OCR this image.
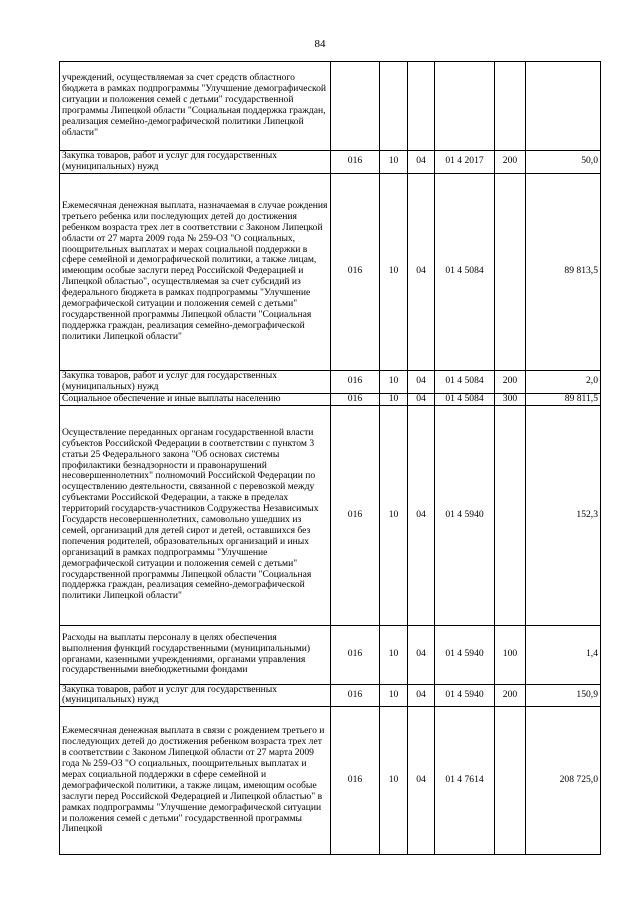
84
учреждений, осуществляемая за счет средств областного бюджета в рамках подпрограммы "Улучшение демографической ситуации и положения семей с детьми" государственной программы Липецкой области "Социальная поддержка граждан, реализация семейно-демографической политики Липецкой области"						
Закупка товаров, работ и услуг для государственных (муниципальных) нужд	016	10	04	01 4 2017	200	50,0
Ежемесячная денежная выплата, назначаемая в случае рождения третьего ребенка или последующих детей до достижения ребенком возраста трех лет в соответствии с Законом Липецкой области от 27 марта 2009 года № 259-ОЗ "О социальных, поощрительных выплатах и мерах социальной поддержки в сфере семейной и демографической политики, а также лицам, имеющим особые заслуги перед Российской Федерацией и Липецкой областью", осуществляемая за счет субсидий из федерального бюджета в рамках подпрограммы "Улучшение демографической ситуации и положения семей с детьми" государственной программы Липецкой области "Социальная поддержка граждан, реализация семейно-демографической политики Липецкой области"	016	10	04	01 4 5084		89 813,5
Закупка товаров, работ и услуг для государственных (муниципальных) нужд	016	10	04	01 4 5084	200	2,0
Социальное обеспечение и иные выплаты населению	016	10	04	01 4 5084	300	89 811,5
Осуществление переданных органам государственной власти субъектов Российской Федерации в соответствии с пунктом 3 статьи 25 Федерального закона "Об основах системы профилактики безнадзорности и правонарушений несовершеннолетних" полномочий Российской Федерации по осуществлению деятельности, связанной с перевозкой между субъектами Российской Федерации, а также в пределах территорий государств-участников Содружества Независимых Государств несовершеннолетних, самовольно ушедших из семей, организаций для детей сирот и детей, оставшихся без попечения родителей, образовательных организаций и иных организаций в рамках подпрограммы "Улучшение демографической ситуации и положения семей с детьми" государственной программы Липецкой области "Социальная поддержка граждан, реализация семейно-демографической политики Липецкой области"	016	10	04	01 4 5940		152,3
Расходы на выплаты персоналу в целях обеспечения выполнения функций государственными (муниципальными) органами, казенными учреждениями, органами управления государственными внебюджетными фондами	016	10	04	01 4 5940	100	1,4
Закупка товаров, работ и услуг для государственных (муниципальных) нужд	016	10	04	01 4 5940	200	150,9
Ежемесячная денежная выплата в связи с рождением третьего и последующих детей до достижения ребенком возраста трех лет в соответствии с Законом Липецкой области от 27 марта 2009 года № 259-ОЗ "О социальных, поощрительных выплатах и мерах социальной поддержки в сфере семейной и демографической политики, а также лицам, имеющим особые заслуги перед Российской Федерацией и Липецкой областью" в рамках подпрограммы "Улучшение демографической ситуации и положения семей с детьми" государственной программы Липецкой	016	10	04	01 4 7614		208 725,0
